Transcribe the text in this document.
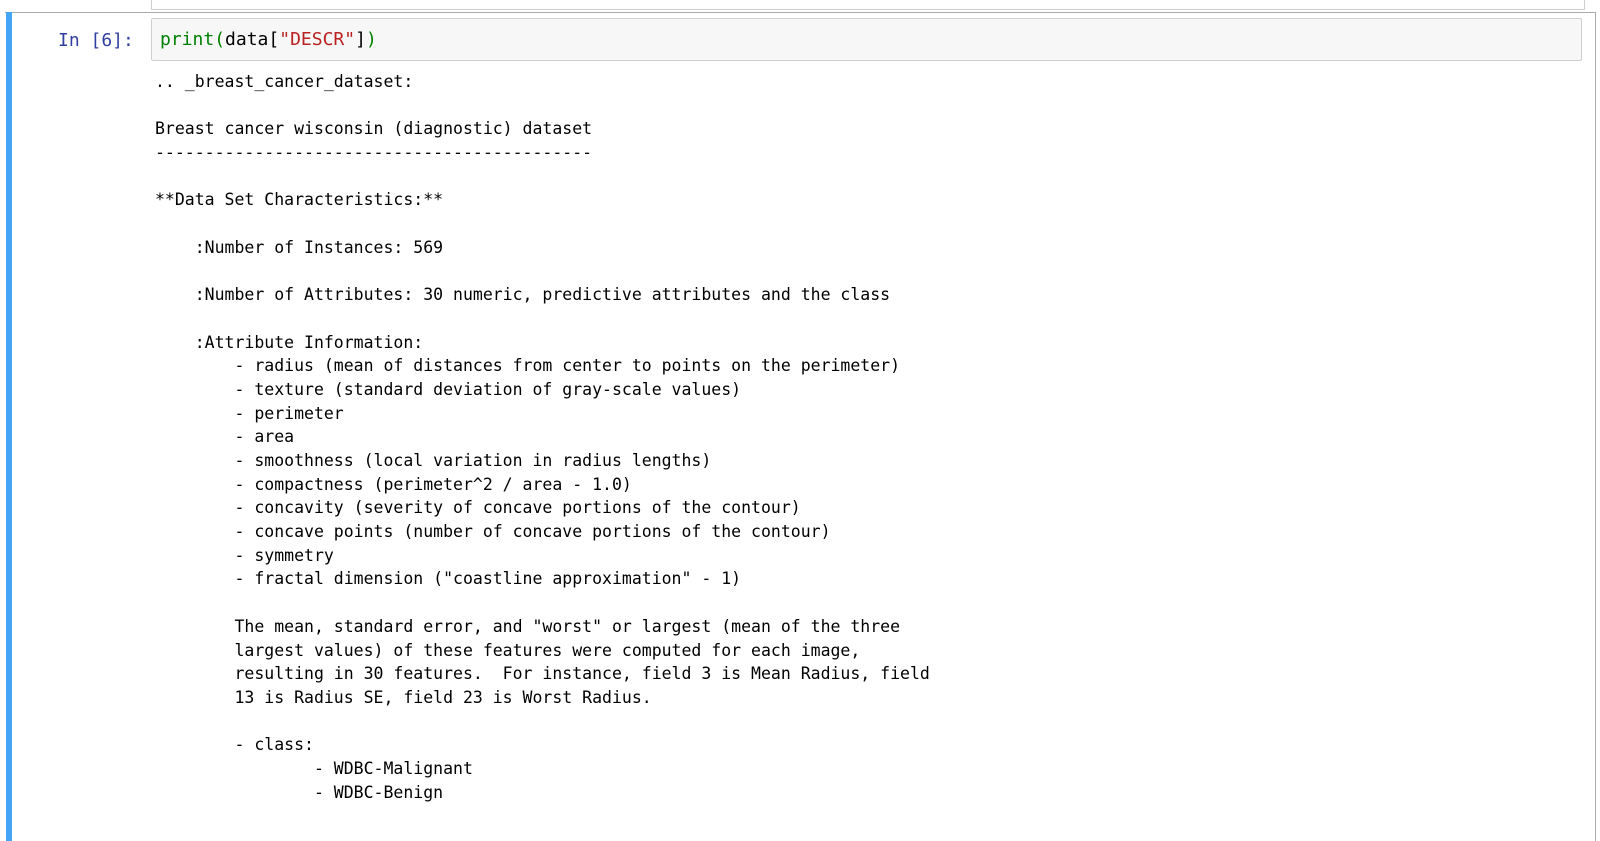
In [6]: print(data["DESCR"])
.. _breast_cancer_dataset:
Breast cancer wisconsin (diagnostic) dataset
--------------------------------------------
**Data Set Characteristics:**
:Number of Instances: 569
:Number of Attributes: 30 numeric, predictive attributes and the class
:Attribute Information:
- radius (mean of distances from center to points on the perimeter)
- texture (standard deviation of gray-scale values)
- perimeter
- area
- smoothness (local variation in radius lengths)
- compactness (perimeter^2 / area - 1.0)
- concavity (severity of concave portions of the contour)
- concave points (number of concave portions of the contour)
- symmetry
- fractal dimension ("coastline approximation" - 1)
The mean, standard error, and "worst" or largest (mean of the three
largest values) of these features were computed for each image,
resulting in 30 features.  For instance, field 3 is Mean Radius, field
13 is Radius SE, field 23 is Worst Radius.
- class:
- WDBC-Malignant
- WDBC-Benign
